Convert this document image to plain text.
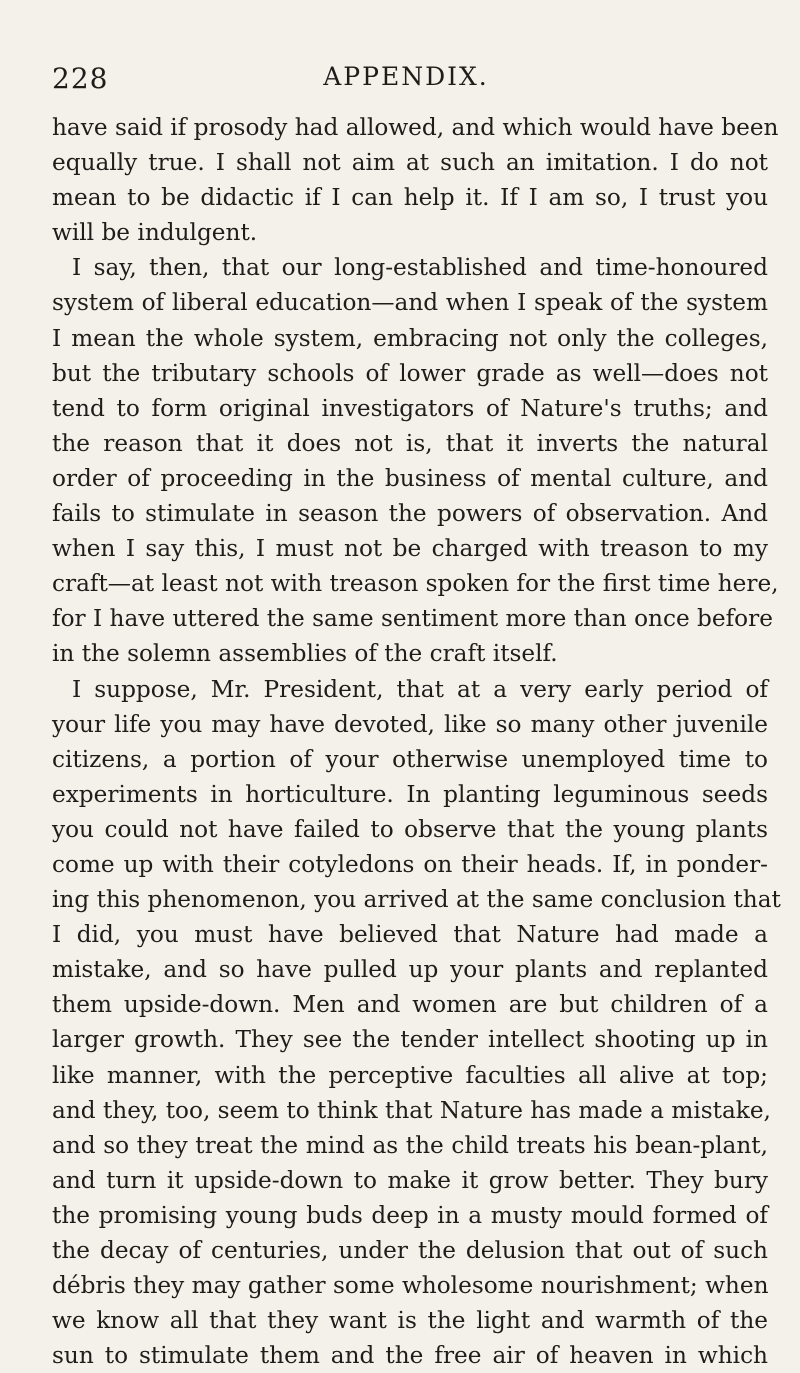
228	APPENDIX.
have said if prosody had allowed, and which would have been
equally true. I shall not aim at such an imitation. I do not
mean to be didactic if I can help it. If I am so, I trust you
will be indulgent.
I say, then, that our long-established and time-honoured
system of liberal education—and when I speak of the system
I mean the whole system, embracing not only the colleges,
but the tributary schools of lower grade as well—does not
tend to form original investigators of Nature's truths; and
the reason that it does not is, that it inverts the natural
order of proceeding in the business of mental culture, and
fails to stimulate in season the powers of observation. And
when I say this, I must not be charged with treason to my
craft—at least not with treason spoken for the first time here,
for I have uttered the same sentiment more than once before
in the solemn assemblies of the craft itself.
I suppose, Mr. President, that at a very early period of
your life you may have devoted, like so many other juvenile
citizens, a portion of your otherwise unemployed time to
experiments in horticulture. In planting leguminous seeds
you could not have failed to observe that the young plants
come up with their cotyledons on their heads. If, in ponder-
ing this phenomenon, you arrived at the same conclusion that
I did, you must have believed that Nature had made a
mistake, and so have pulled up your plants and replanted
them upside-down. Men and women are but children of a
larger growth. They see the tender intellect shooting up in
like manner, with the perceptive faculties all alive at top;
and they, too, seem to think that Nature has made a mistake,
and so they treat the mind as the child treats his bean-plant,
and turn it upside-down to make it grow better. They bury
the promising young buds deep in a musty mould formed of
the decay of centuries, under the delusion that out of such
débris they may gather some wholesome nourishment; when
we know all that they want is the light and warmth of the
sun to stimulate them and the free air of heaven in which
